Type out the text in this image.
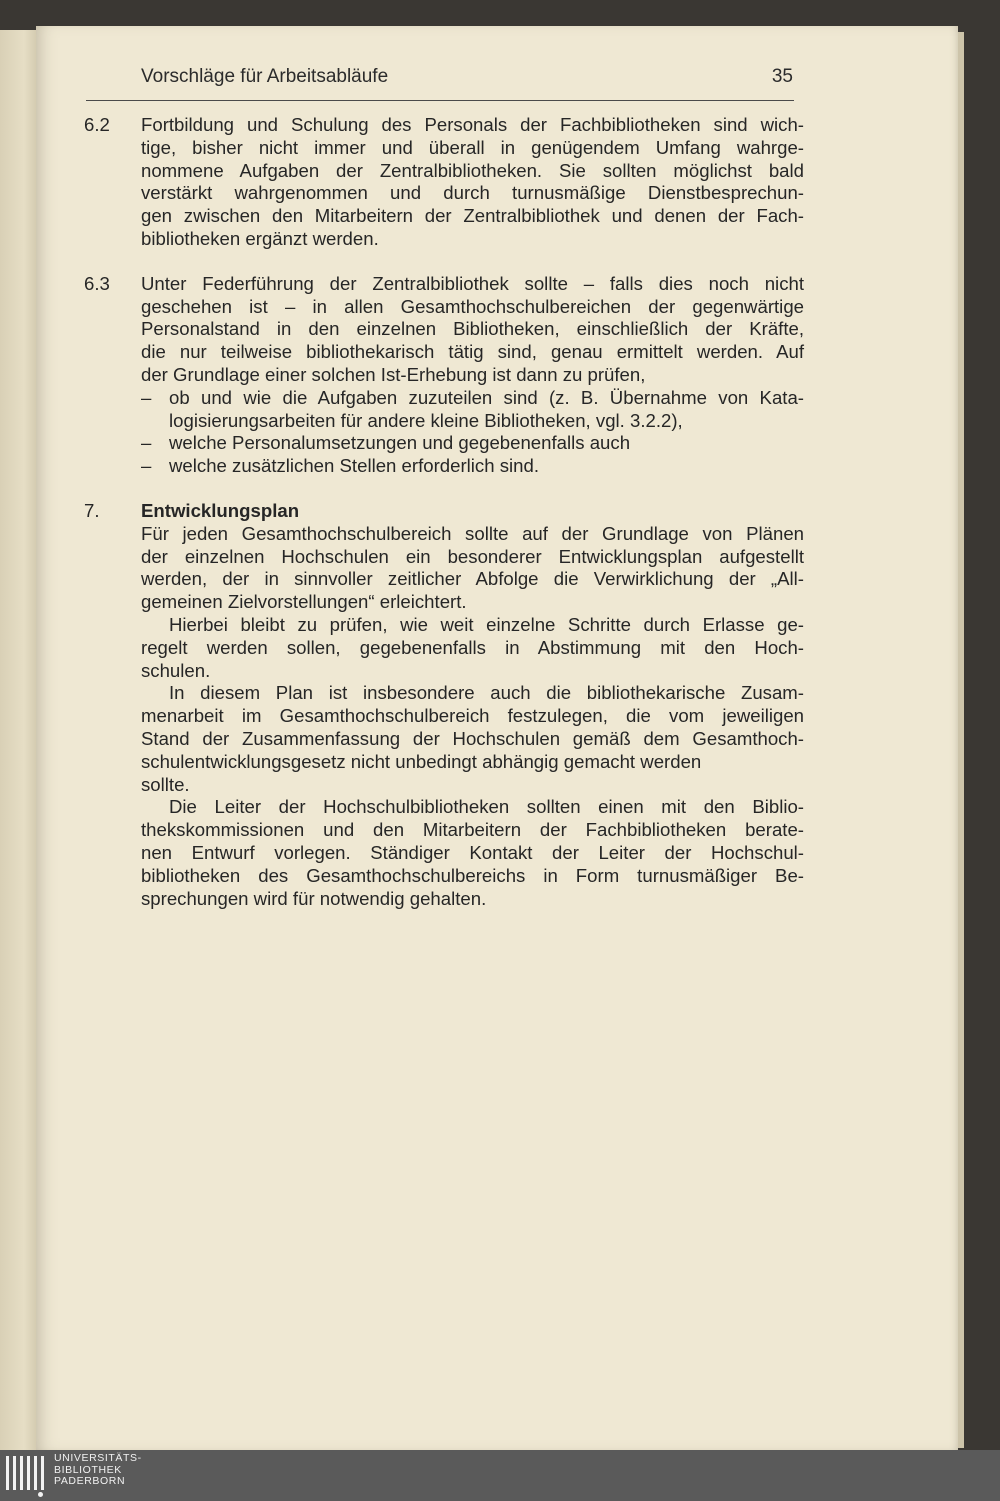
Vorschläge für Arbeitsabläufe	35
6.2 Fortbildung und Schulung des Personals der Fachbibliotheken sind wich-
tige, bisher nicht immer und überall in genügendem Umfang wahrge-
nommene Aufgaben der Zentralbibliotheken. Sie sollten möglichst bald
verstärkt wahrgenommen und durch turnusmäßige Dienstbesprechun-
gen zwischen den Mitarbeitern der Zentralbibliothek und denen der Fach-
bibliotheken ergänzt werden.
6.3 Unter Federführung der Zentralbibliothek sollte – falls dies noch nicht
geschehen ist – in allen Gesamthochschulbereichen der gegenwärtige
Personalstand in den einzelnen Bibliotheken, einschließlich der Kräfte,
die nur teilweise bibliothekarisch tätig sind, genau ermittelt werden. Auf
der Grundlage einer solchen Ist-Erhebung ist dann zu prüfen,
– ob und wie die Aufgaben zuzuteilen sind (z. B. Übernahme von Kata-
logisierungsarbeiten für andere kleine Bibliotheken, vgl. 3.2.2),
– welche Personalumsetzungen und gegebenenfalls auch
– welche zusätzlichen Stellen erforderlich sind.
7. Entwicklungsplan
Für jeden Gesamthochschulbereich sollte auf der Grundlage von Plänen
der einzelnen Hochschulen ein besonderer Entwicklungsplan aufgestellt
werden, der in sinnvoller zeitlicher Abfolge die Verwirklichung der „All-
gemeinen Zielvorstellungen“ erleichtert.
Hierbei bleibt zu prüfen, wie weit einzelne Schritte durch Erlasse ge-
regelt werden sollen, gegebenenfalls in Abstimmung mit den Hoch-
schulen.
In diesem Plan ist insbesondere auch die bibliothekarische Zusam-
menarbeit im Gesamthochschulbereich festzulegen, die vom jeweiligen
Stand der Zusammenfassung der Hochschulen gemäß dem Gesamthoch-
schulentwicklungsgesetz nicht unbedingt abhängig gemacht werden
sollte.
Die Leiter der Hochschulbibliotheken sollten einen mit den Biblio-
thekskommissionen und den Mitarbeitern der Fachbibliotheken berate-
nen Entwurf vorlegen. Ständiger Kontakt der Leiter der Hochschul-
bibliotheken des Gesamthochschulbereichs in Form turnusmäßiger Be-
sprechungen wird für notwendig gehalten.
UNIVERSITÄTS-
BIBLIOTHEK
PADERBORN
